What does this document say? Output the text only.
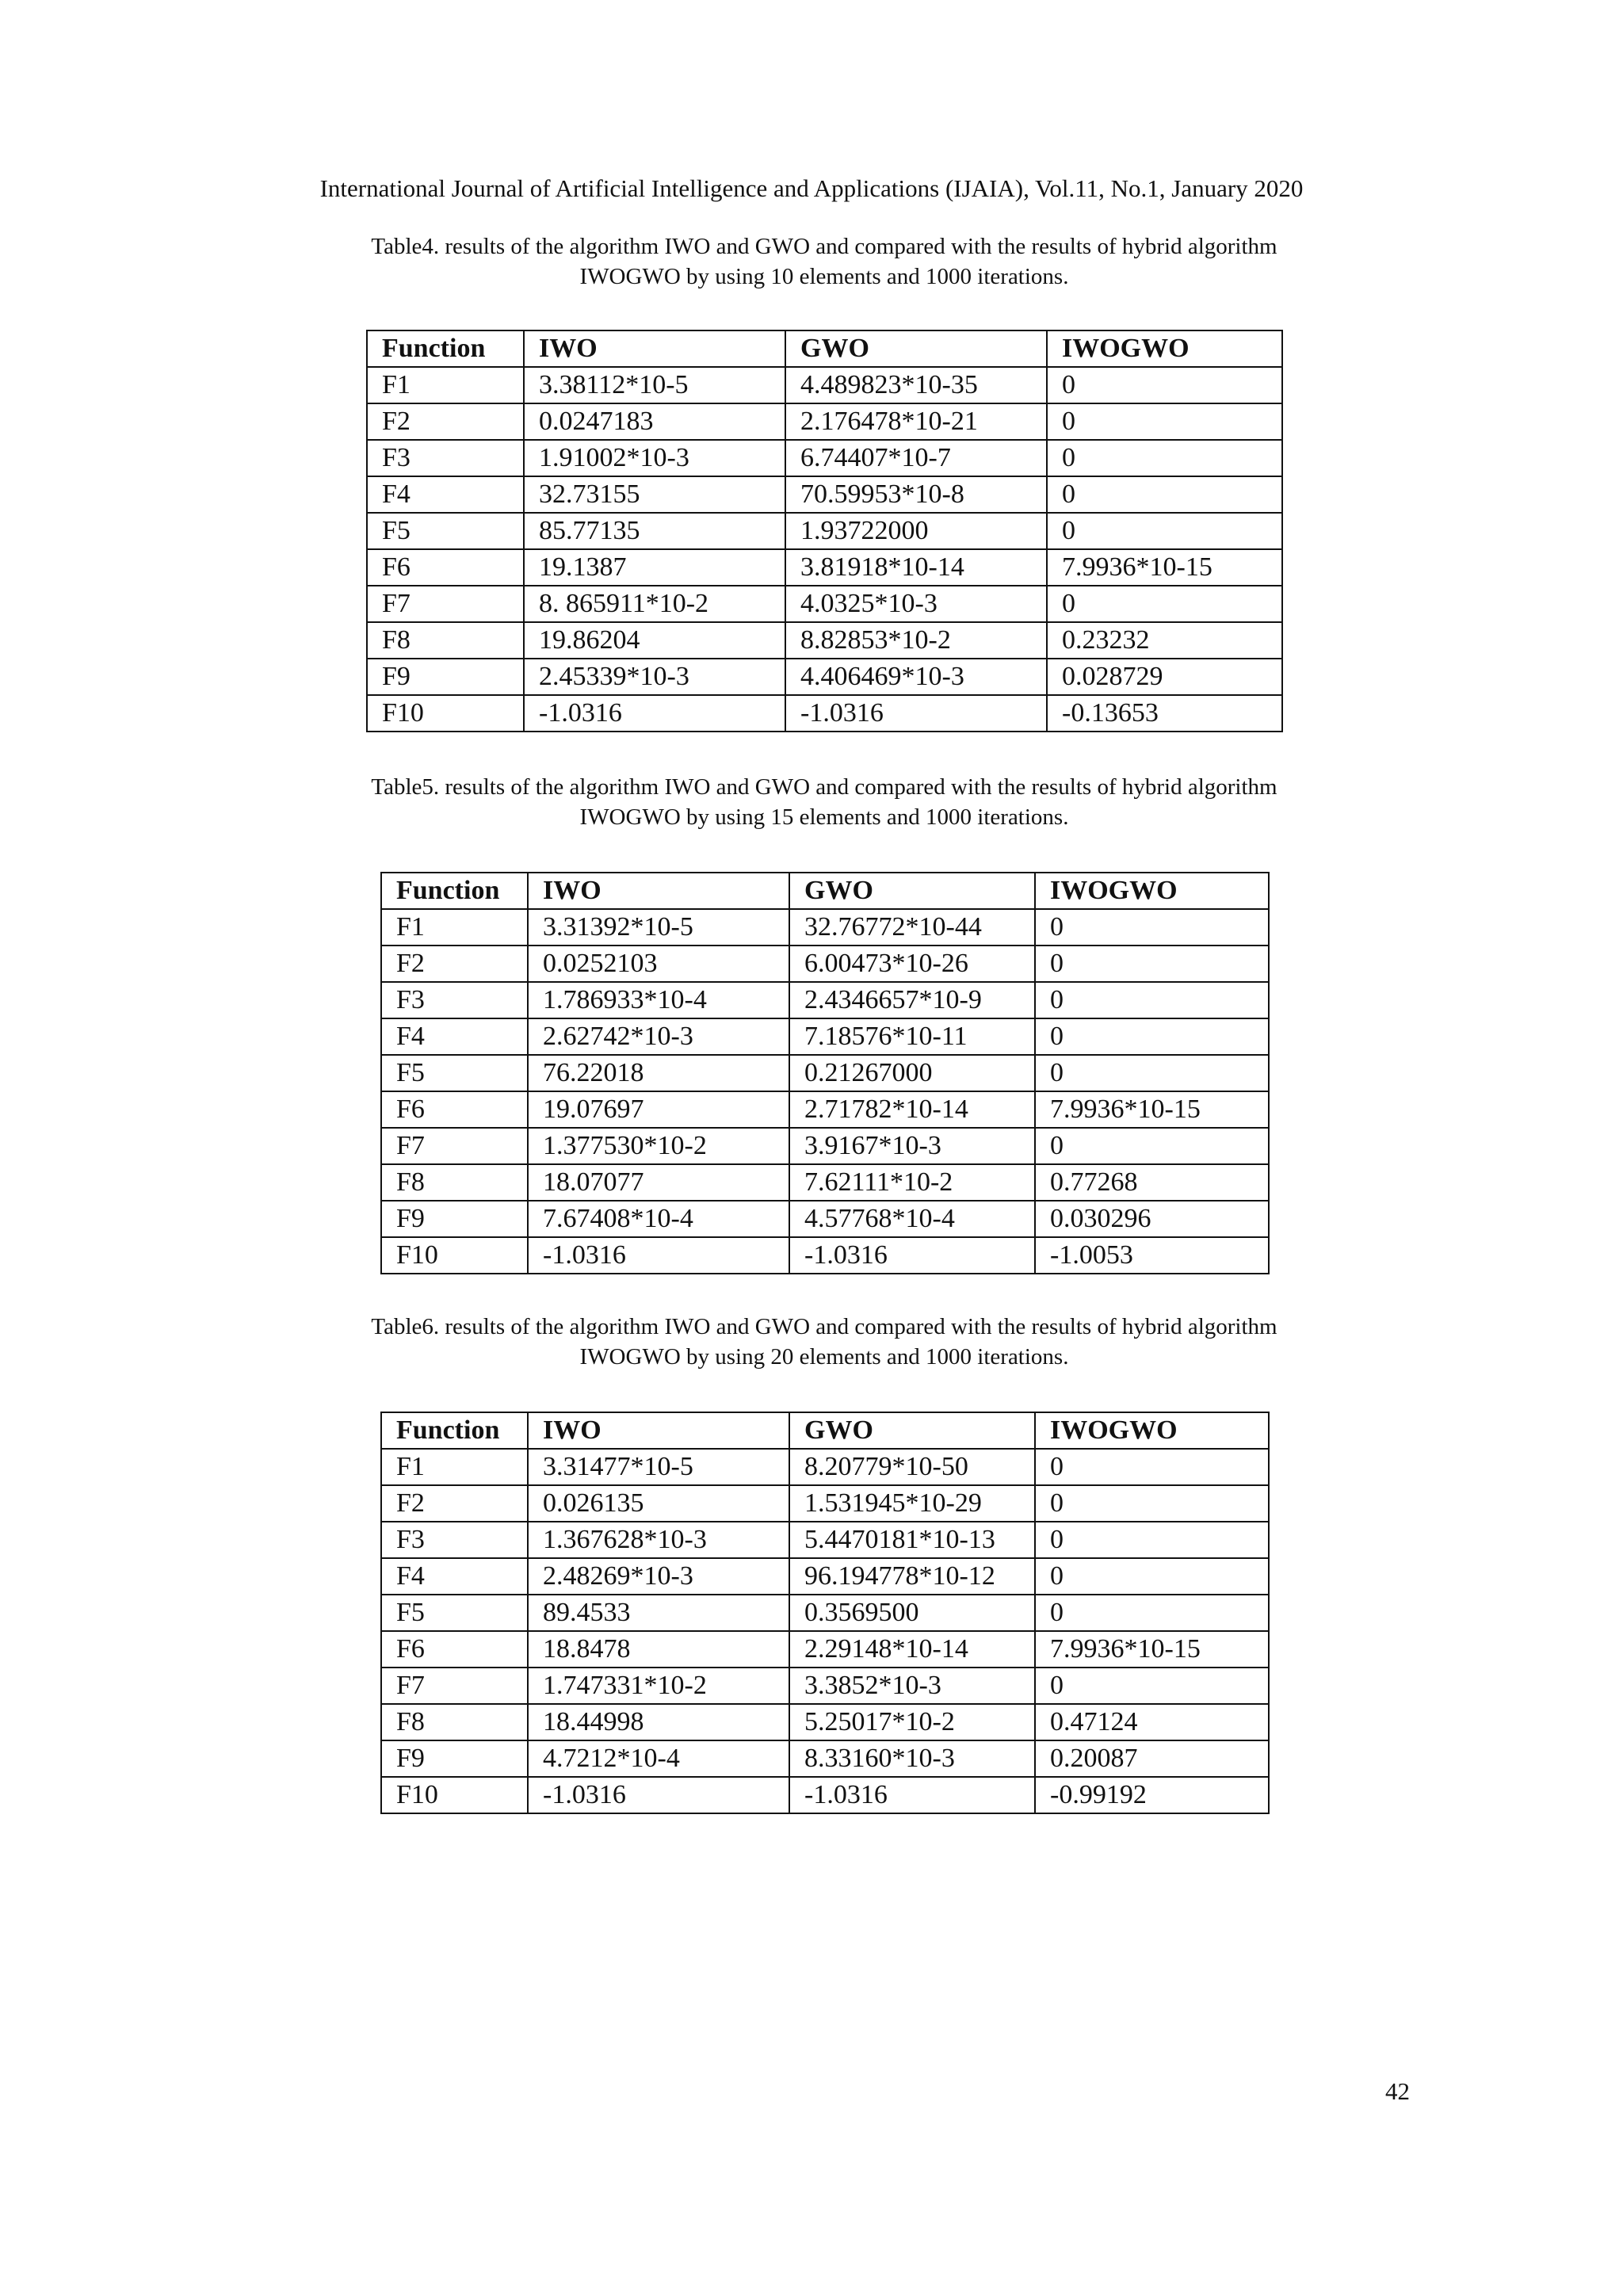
International Journal of Artificial Intelligence and Applications (IJAIA), Vol.11, No.1, January 2020
Table4. results of the algorithm IWO and GWO and compared with the results of hybrid algorithm
IWOGWO by using 10 elements and 1000 iterations.
Function	IWO	GWO	IWOGWO
F1	3.38112*10-5	4.489823*10-35	0
F2	0.0247183	2.176478*10-21	0
F3	1.91002*10-3	6.74407*10-7	0
F4	32.73155	70.59953*10-8	0
F5	85.77135	1.93722000	0
F6	19.1387	3.81918*10-14	7.9936*10-15
F7	8. 865911*10-2	4.0325*10-3	0
F8	19.86204	8.82853*10-2	0.23232
F9	2.45339*10-3	4.406469*10-3	0.028729
F10	-1.0316	-1.0316	-0.13653
Table5. results of the algorithm IWO and GWO and compared with the results of hybrid algorithm
IWOGWO by using 15 elements and 1000 iterations.
Function	IWO	GWO	IWOGWO
F1	3.31392*10-5	32.76772*10-44	0
F2	0.0252103	6.00473*10-26	0
F3	1.786933*10-4	2.4346657*10-9	0
F4	2.62742*10-3	7.18576*10-11	0
F5	76.22018	0.21267000	0
F6	19.07697	2.71782*10-14	7.9936*10-15
F7	1.377530*10-2	3.9167*10-3	0
F8	18.07077	7.62111*10-2	0.77268
F9	7.67408*10-4	4.57768*10-4	0.030296
F10	-1.0316	-1.0316	-1.0053
Table6. results of the algorithm IWO and GWO and compared with the results of hybrid algorithm
IWOGWO by using 20 elements and 1000 iterations.
Function	IWO	GWO	IWOGWO
F1	3.31477*10-5	8.20779*10-50	0
F2	0.026135	1.531945*10-29	0
F3	1.367628*10-3	5.4470181*10-13	0
F4	2.48269*10-3	96.194778*10-12	0
F5	89.4533	0.3569500	0
F6	18.8478	2.29148*10-14	7.9936*10-15
F7	1.747331*10-2	3.3852*10-3	0
F8	18.44998	5.25017*10-2	0.47124
F9	4.7212*10-4	8.33160*10-3	0.20087
F10	-1.0316	-1.0316	-0.99192
42
